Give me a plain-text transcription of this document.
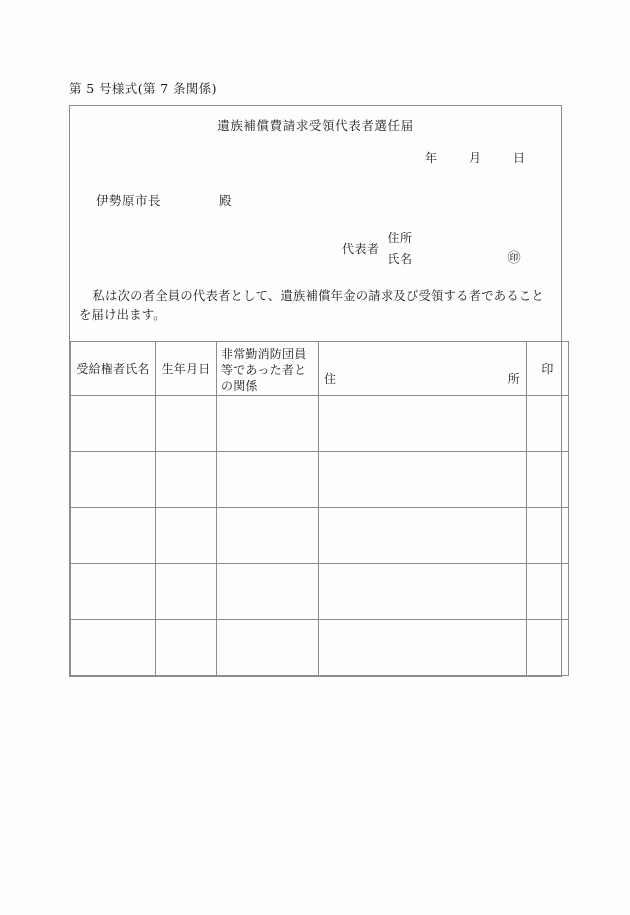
第 5 号様式(第 7 条関係)
遺族補償費請求受領代表者選任届
年	月	日
伊勢原市長	殿
代表者
住所
氏名	㊞
私は次の者全員の代表者として、遺族補償年金の請求及び受領する者であることを届け出ます。
受給権者氏名	生年月日	非常勤消防団員等であった者との関係	住 所	印
